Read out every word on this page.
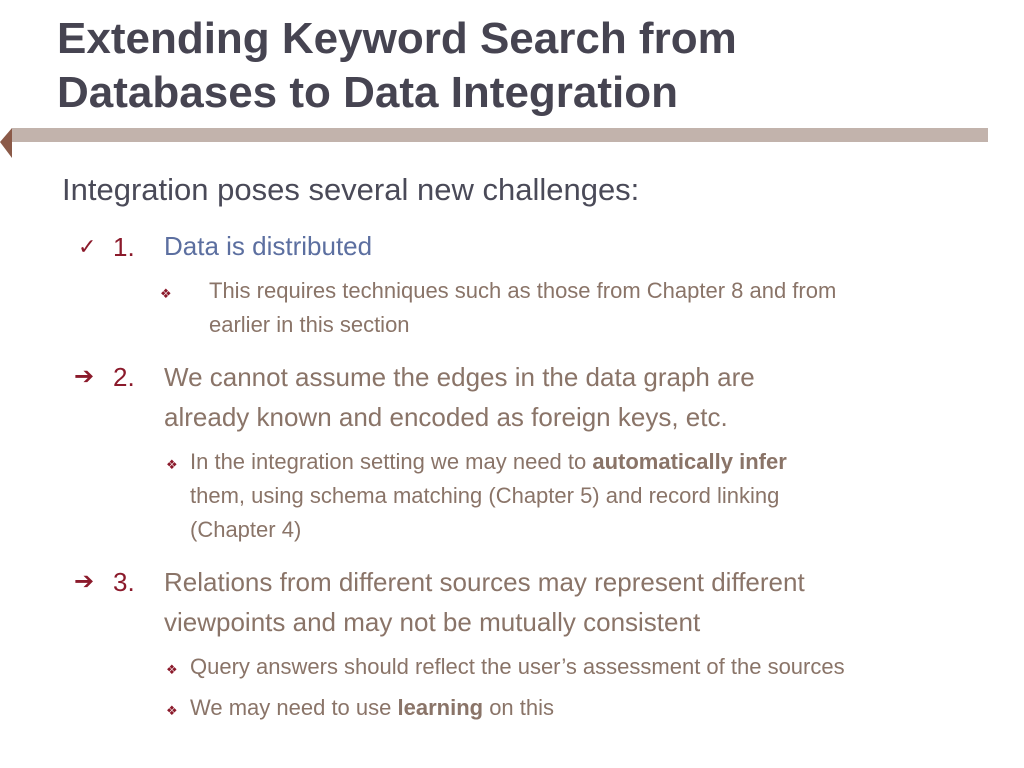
Extending Keyword Search from
Databases to Data Integration
Integration poses several new challenges:
✓ 1. Data is distributed
❖ This requires techniques such as those from Chapter 8 and from
earlier in this section
➔ 2. We cannot assume the edges in the data graph are
already known and encoded as foreign keys, etc.
❖ In the integration setting we may need to automatically infer
them, using schema matching (Chapter 5) and record linking
(Chapter 4)
➔ 3. Relations from different sources may represent different
viewpoints and may not be mutually consistent
❖ Query answers should reflect the user’s assessment of the sources
❖ We may need to use learning on this
